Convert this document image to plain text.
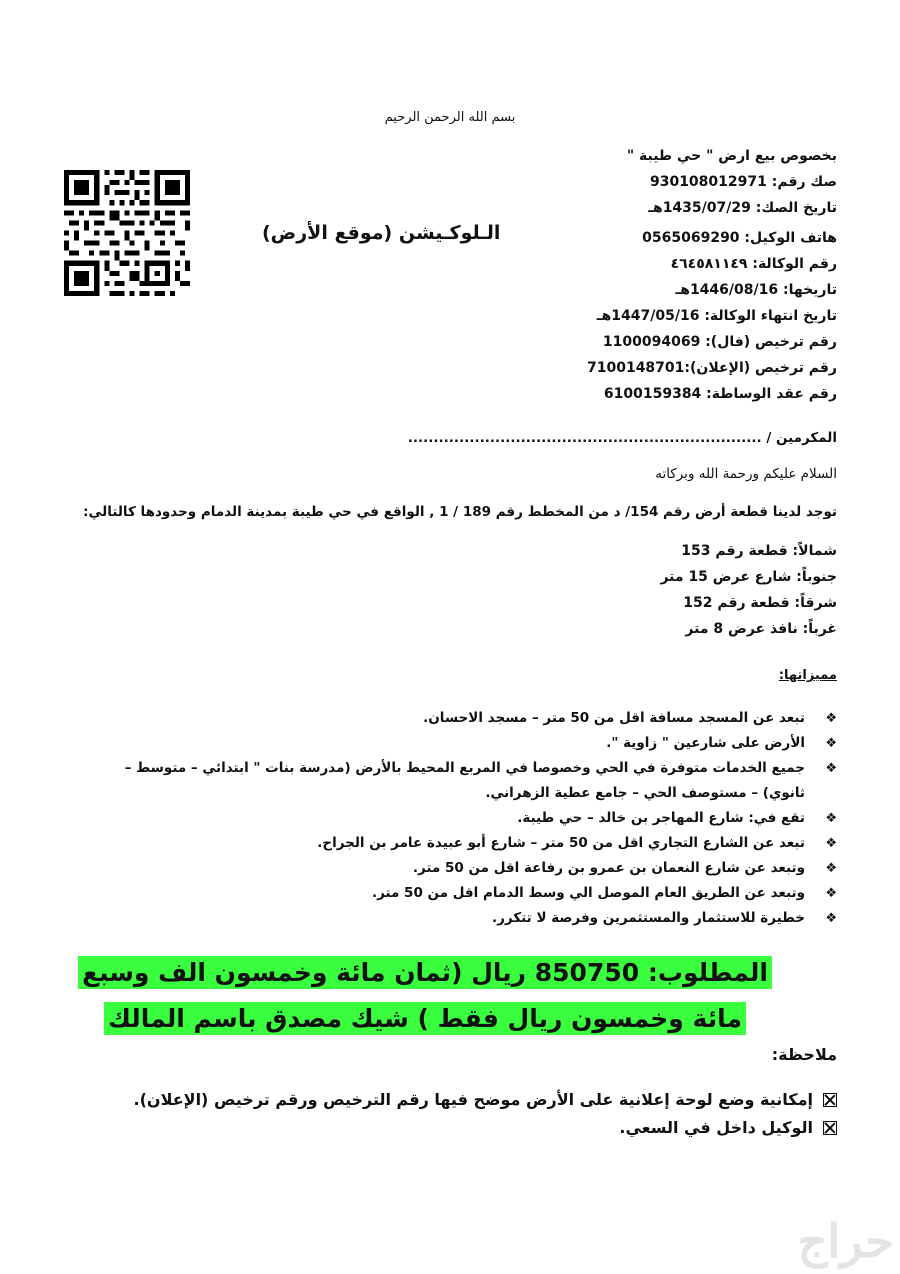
بسم الله الرحمن الرحيم
الـلوكـيشن (موقع الأرض)
بخصوص بيع ارض " حي طيبة "
صك رقم: 930108012971
تاريخ الصك: 1435/07/29هـ
هاتف الوكيل: 0565069290
رقم الوكالة: ٤٦٤٥٨١١٤٩
تاريخها: 1446/08/16هـ
تاريخ انتهاء الوكالة: 1447/05/16هـ
رقم ترخيص (فال): 1100094069
رقم ترخيص (الإعلان):7100148701
رقم عقد الوساطة: 6100159384
المكرمين / .....................................................................
السلام عليكم ورحمة الله وبركاته
توجد لدينا قطعة أرض رقم 154/ د من المخطط رقم 189 / 1 , الواقع في حي طيبة بمدينة الدمام وحدودها كالتالي:
شمالاً: قطعة رقم 153
جنوباً: شارع عرض 15 متر
شرقاً: قطعة رقم 152
غرباً: نافذ عرض 8 متر
مميزاتها:
❖
تبعد عن المسجد مسافة اقل من 50 متر – مسجد الاحسان.
❖
الأرض على شارعين " زاوية ".
❖
جميع الخدمات متوفرة في الحي وخصوصا في المربع المحيط بالأرض (مدرسة بنات " ابتدائي – متوسط – ثانوي) – مستوصف الحي – جامع عطية الزهراني.
❖
تقع في: شارع المهاجر بن خالد – حي طيبة.
❖
تبعد عن الشارع التجاري اقل من 50 متر – شارع أبو عبيدة عامر بن الجراح.
❖
وتبعد عن شارع النعمان بن عمرو بن رفاعة اقل من 50 متر.
❖
وتبعد عن الطريق العام الموصل الي وسط الدمام اقل من 50 متر.
❖
خطيرة للاستثمار والمستثمرين وفرصة لا تتكرر.
المطلوب: 850750 ريال (ثمان مائة وخمسون الف وسبع مائة وخمسون ريال فقط ) شيك مصدق باسم المالك
ملاحظة:
إمكانية وضع لوحة إعلانية على الأرض موضح فيها رقم الترخيص ورقم ترخيص (الإعلان).
الوكيل داخل في السعي.
حراج
